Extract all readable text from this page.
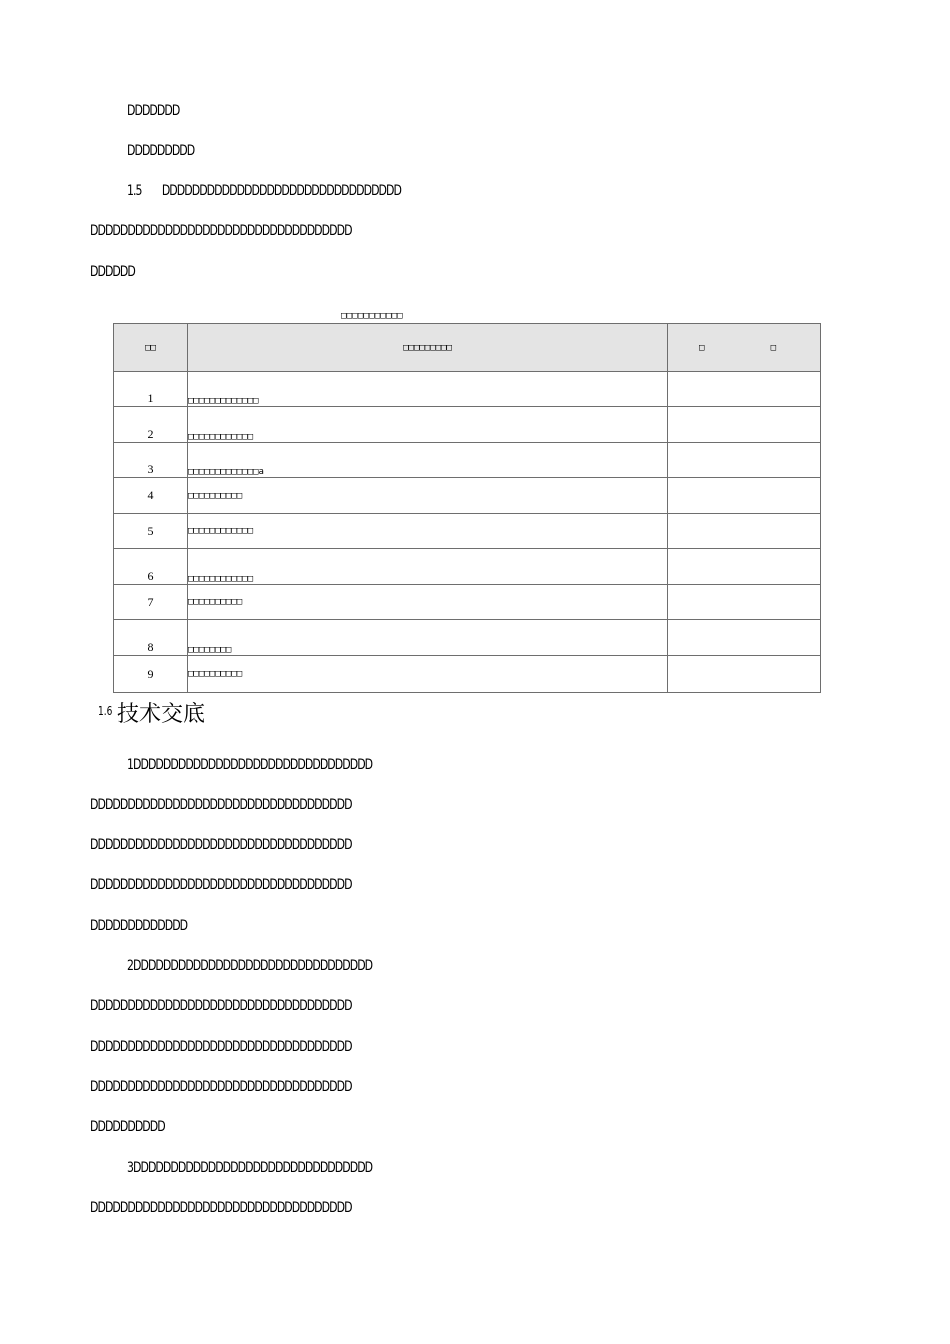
DDDDDDD
DDDDDDDDD
1.5        DDDDDDDDDDDDDDDDDDDDDDDDDDDDDDDD
DDDDDDDDDDDDDDDDDDDDDDDDDDDDDDDDDDD
DDDDDD
□□□□□□□□□□□
□□	□□□□□□□□□	□ □

1	□□□□□□□□□□□□□	
2	□□□□□□□□□□□□	
3	□□□□□□□□□□□□□a	
4	□□□□□□□□□□	
5	□□□□□□□□□□□□	
6	□□□□□□□□□□□□	
7	□□□□□□□□□□	
8	□□□□□□□□	
9	□□□□□□□□□□	
1.6 技术交底
1DDDDDDDDDDDDDDDDDDDDDDDDDDDDDDDD
DDDDDDDDDDDDDDDDDDDDDDDDDDDDDDDDDDD
DDDDDDDDDDDDDDDDDDDDDDDDDDDDDDDDDDD
DDDDDDDDDDDDDDDDDDDDDDDDDDDDDDDDDDD
DDDDDDDDDDDDD
2DDDDDDDDDDDDDDDDDDDDDDDDDDDDDDDD
DDDDDDDDDDDDDDDDDDDDDDDDDDDDDDDDDDD
DDDDDDDDDDDDDDDDDDDDDDDDDDDDDDDDDDD
DDDDDDDDDDDDDDDDDDDDDDDDDDDDDDDDDDD
DDDDDDDDDD
3DDDDDDDDDDDDDDDDDDDDDDDDDDDDDDDD
DDDDDDDDDDDDDDDDDDDDDDDDDDDDDDDDDDD
